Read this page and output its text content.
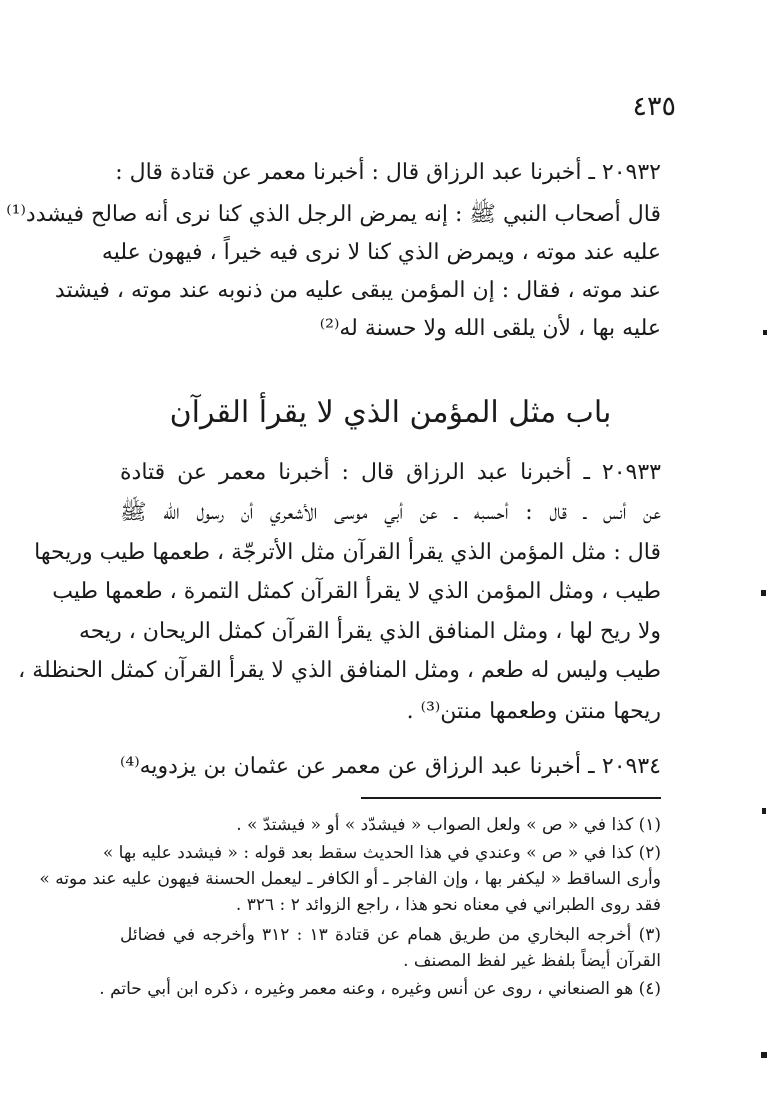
٤٣٥
٢٠٩٣٢ ـ أخبرنا عبد الرزاق قال : أخبرنا معمر عن قتادة قال :
قال أصحاب النبي ﷺ : إنه يمرض الرجل الذي كنا نرى أنه صالح فيشدد⁽¹⁾
عليه عند موته ، ويمرض الذي كنا لا نرى فيه خيراً ، فيهون عليه
عند موته ، فقال : إن المؤمن يبقى عليه من ذنوبه عند موته ، فيشتد
عليه بها ، لأن يلقى الله ولا حسنة له⁽²⁾
باب مثل المؤمن الذي لا يقرأ القرآن
٢٠٩٣٣ ـ أخبرنا عبد الرزاق قال : أخبرنا معمر عن قتادة
عن أنس ـ قال : أحسبه ـ عن أبي موسى الأشعري أن رسول الله ﷺ
قال : مثل المؤمن الذي يقرأ القرآن مثل الأترجّة ، طعمها طيب وريحها
طيب ، ومثل المؤمن الذي لا يقرأ القرآن كمثل التمرة ، طعمها طيب
ولا ريح لها ، ومثل المنافق الذي يقرأ القرآن كمثل الريحان ، ريحه
طيب وليس له طعم ، ومثل المنافق الذي لا يقرأ القرآن كمثل الحنظلة ،
ريحها منتن وطعمها منتن⁽³⁾ .
٢٠٩٣٤ ـ أخبرنا عبد الرزاق عن معمر عن عثمان بن يزدويه⁽⁴⁾
(١) كذا في « ص » ولعل الصواب « فيشدّد » أو « فيشتدّ » .
(٢) كذا في « ص » وعندي في هذا الحديث سقط بعد قوله : « فيشدد عليه بها »
وأرى الساقط « ليكفر بها ، وإن الفاجر ـ أو الكافر ـ ليعمل الحسنة فيهون عليه عند موته »
فقد روى الطبراني في معناه نحو هذا ، راجع الزوائد ٢ : ٣٢٦ .
(٣) أخرجه البخاري من طريق همام عن قتادة ١٣ : ٣١٢ وأخرجه في فضائل
القرآن أيضاً بلفظ غير لفظ المصنف .
(٤) هو الصنعاني ، روى عن أنس وغيره ، وعنه معمر وغيره ، ذكره ابن أبي حاتم .
